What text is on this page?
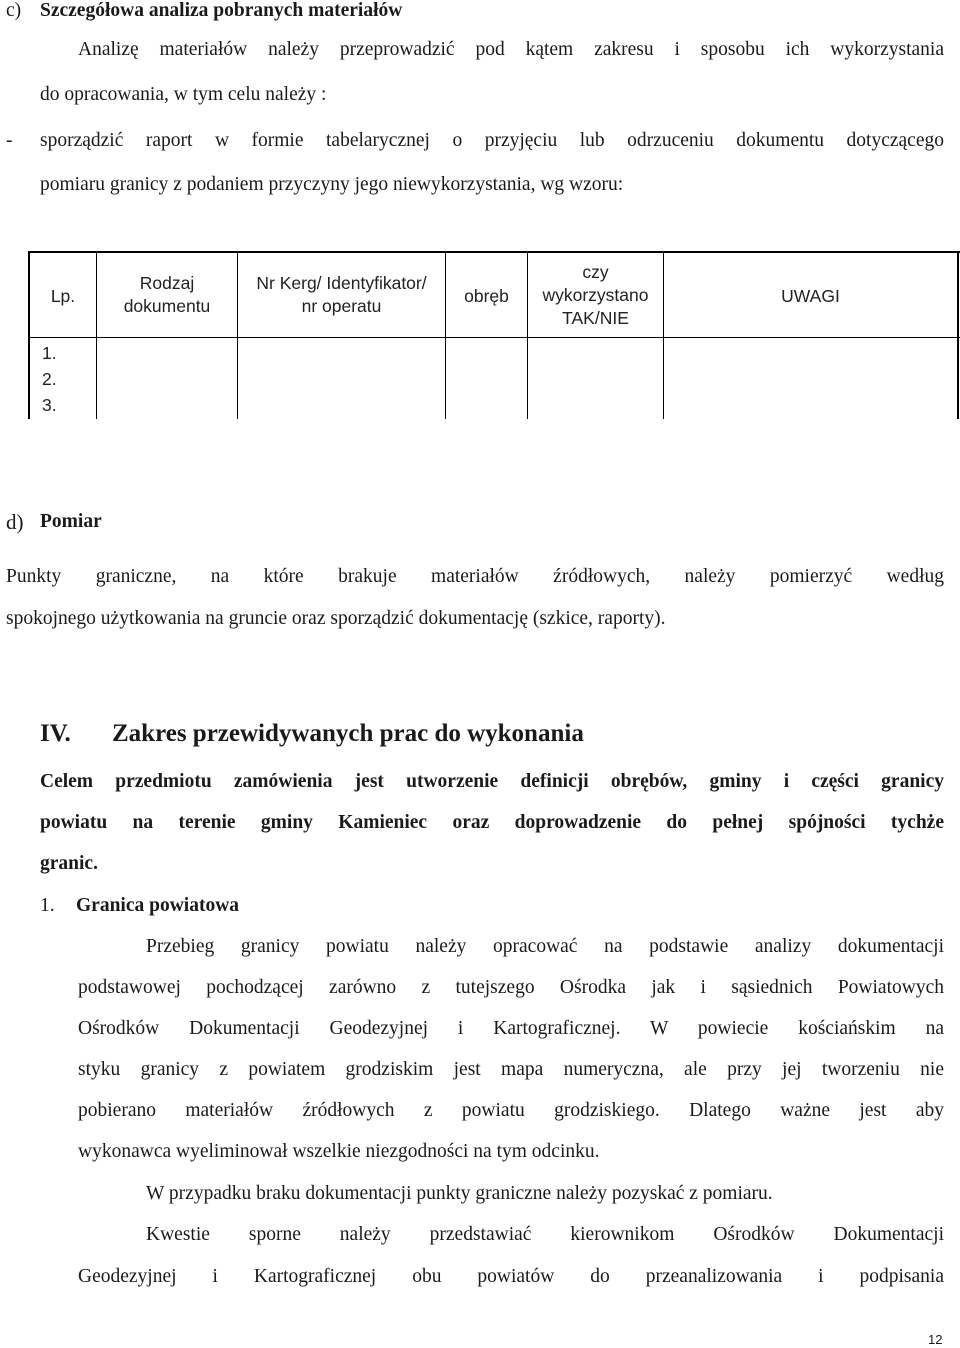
c) Szczegółowa analiza pobranych materiałów
Analizę materiałów należy przeprowadzić pod kątem zakresu i sposobu ich wykorzystania
do opracowania, w tym celu należy :
- sporządzić raport w formie tabelarycznej o przyjęciu lub odrzuceniu dokumentu dotyczącego
pomiaru granicy z podaniem przyczyny jego niewykorzystania, wg wzoru:
Lp.
Rodzaj
dokumentu
Nr Kerg/ Identyfikator/
nr operatu	obręb
czy
wykorzystano
TAK/NIE
UWAGI
1.
2.
3.
d) Pomiar
Punkty graniczne, na które brakuje materiałów źródłowych, należy pomierzyć według
spokojnego użytkowania na gruncie oraz sporządzić dokumentację (szkice, raporty).
IV. Zakres przewidywanych prac do wykonania
Celem przedmiotu zamówienia jest utworzenie definicji obrębów, gminy i części granicy
powiatu na terenie gminy Kamieniec oraz doprowadzenie do pełnej spójności tychże
granic.
1. Granica powiatowa
Przebieg granicy powiatu należy opracować na podstawie analizy dokumentacji
podstawowej pochodzącej zarówno z tutejszego Ośrodka jak i sąsiednich Powiatowych
Ośrodków Dokumentacji Geodezyjnej i Kartograficznej. W powiecie kościańskim na
styku granicy z powiatem grodziskim jest mapa numeryczna, ale przy jej tworzeniu nie
pobierano materiałów źródłowych z powiatu grodziskiego. Dlatego ważne jest aby
wykonawca wyeliminował wszelkie niezgodności na tym odcinku.
W przypadku braku dokumentacji punkty graniczne należy pozyskać z pomiaru.
Kwestie sporne należy przedstawiać kierownikom Ośrodków Dokumentacji
Geodezyjnej i Kartograficznej obu powiatów do przeanalizowania i podpisania
12
